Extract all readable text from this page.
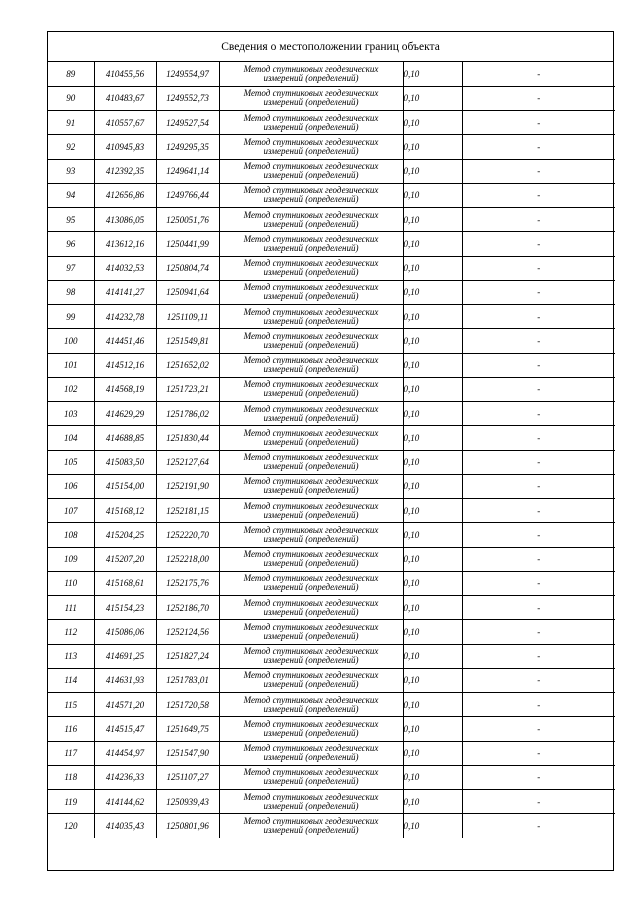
Сведения о местоположении границ объекта
89	410455,56	1249554,97	Метод спутниковых геодезических
измерений (определений)	0,10	-
90	410483,67	1249552,73	Метод спутниковых геодезических
измерений (определений)	0,10	-
91	410557,67	1249527,54	Метод спутниковых геодезических
измерений (определений)	0,10	-
92	410945,83	1249295,35	Метод спутниковых геодезических
измерений (определений)	0,10	-
93	412392,35	1249641,14	Метод спутниковых геодезических
измерений (определений)	0,10	-
94	412656,86	1249766,44	Метод спутниковых геодезических
измерений (определений)	0,10	-
95	413086,05	1250051,76	Метод спутниковых геодезических
измерений (определений)	0,10	-
96	413612,16	1250441,99	Метод спутниковых геодезических
измерений (определений)	0,10	-
97	414032,53	1250804,74	Метод спутниковых геодезических
измерений (определений)	0,10	-
98	414141,27	1250941,64	Метод спутниковых геодезических
измерений (определений)	0,10	-
99	414232,78	1251109,11	Метод спутниковых геодезических
измерений (определений)	0,10	-
100	414451,46	1251549,81	Метод спутниковых геодезических
измерений (определений)	0,10	-
101	414512,16	1251652,02	Метод спутниковых геодезических
измерений (определений)	0,10	-
102	414568,19	1251723,21	Метод спутниковых геодезических
измерений (определений)	0,10	-
103	414629,29	1251786,02	Метод спутниковых геодезических
измерений (определений)	0,10	-
104	414688,85	1251830,44	Метод спутниковых геодезических
измерений (определений)	0,10	-
105	415083,50	1252127,64	Метод спутниковых геодезических
измерений (определений)	0,10	-
106	415154,00	1252191,90	Метод спутниковых геодезических
измерений (определений)	0,10	-
107	415168,12	1252181,15	Метод спутниковых геодезических
измерений (определений)	0,10	-
108	415204,25	1252220,70	Метод спутниковых геодезических
измерений (определений)	0,10	-
109	415207,20	1252218,00	Метод спутниковых геодезических
измерений (определений)	0,10	-
110	415168,61	1252175,76	Метод спутниковых геодезических
измерений (определений)	0,10	-
111	415154,23	1252186,70	Метод спутниковых геодезических
измерений (определений)	0,10	-
112	415086,06	1252124,56	Метод спутниковых геодезических
измерений (определений)	0,10	-
113	414691,25	1251827,24	Метод спутниковых геодезических
измерений (определений)	0,10	-
114	414631,93	1251783,01	Метод спутниковых геодезических
измерений (определений)	0,10	-
115	414571,20	1251720,58	Метод спутниковых геодезических
измерений (определений)	0,10	-
116	414515,47	1251649,75	Метод спутниковых геодезических
измерений (определений)	0,10	-
117	414454,97	1251547,90	Метод спутниковых геодезических
измерений (определений)	0,10	-
118	414236,33	1251107,27	Метод спутниковых геодезических
измерений (определений)	0,10	-
119	414144,62	1250939,43	Метод спутниковых геодезических
измерений (определений)	0,10	-
120	414035,43	1250801,96	Метод спутниковых геодезических
измерений (определений)	0,10	-
